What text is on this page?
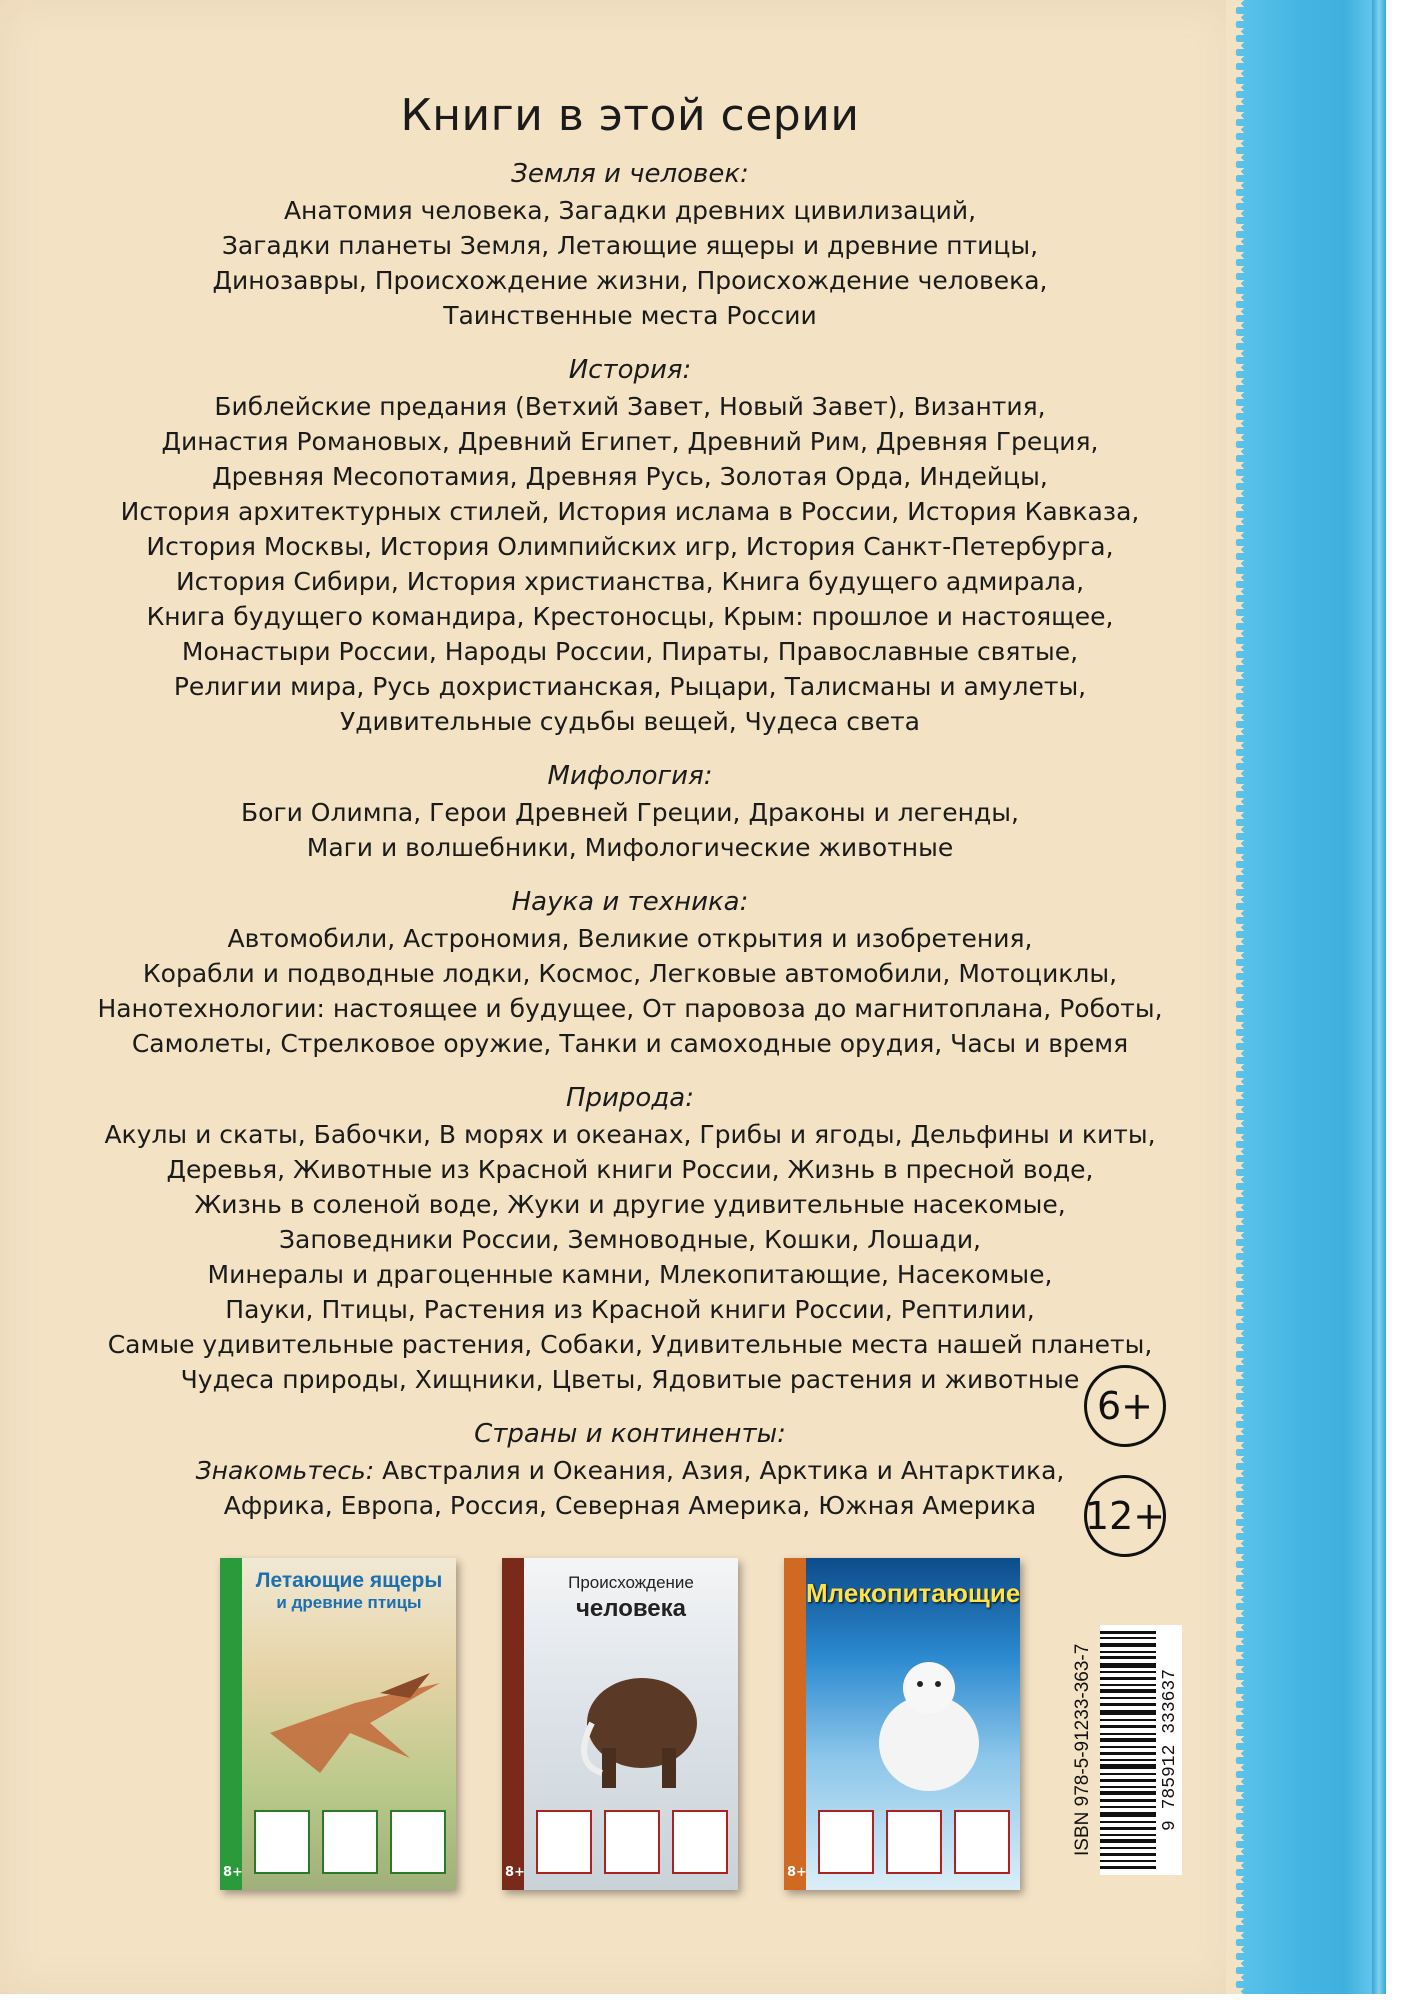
Книги в этой серии
Земля и человек:
Анатомия человека, Загадки древних цивилизаций,
Загадки планеты Земля, Летающие ящеры и древние птицы,
Динозавры, Происхождение жизни, Происхождение человека,
Таинственные места России
История:
Библейские предания (Ветхий Завет, Новый Завет), Византия,
Династия Романовых, Древний Египет, Древний Рим, Древняя Греция,
Древняя Месопотамия, Древняя Русь, Золотая Орда, Индейцы,
История архитектурных стилей, История ислама в России, История Кавказа,
История Москвы, История Олимпийских игр, История Санкт-Петербурга,
История Сибири, История христианства, Книга будущего адмирала,
Книга будущего командира, Крестоносцы, Крым: прошлое и настоящее,
Монастыри России, Народы России, Пираты, Православные святые,
Религии мира, Русь дохристианская, Рыцари, Талисманы и амулеты,
Удивительные судьбы вещей, Чудеса света
Мифология:
Боги Олимпа, Герои Древней Греции, Драконы и легенды,
Маги и волшебники, Мифологические животные
Наука и техника:
Автомобили, Астрономия, Великие открытия и изобретения,
Корабли и подводные лодки, Космос, Легковые автомобили, Мотоциклы,
Нанотехнологии: настоящее и будущее, От паровоза до магнитоплана, Роботы,
Самолеты, Стрелковое оружие, Танки и самоходные орудия, Часы и время
Природа:
Акулы и скаты, Бабочки, В морях и океанах, Грибы и ягоды, Дельфины и киты,
Деревья, Животные из Красной книги России, Жизнь в пресной воде,
Жизнь в соленой воде, Жуки и другие удивительные насекомые,
Заповедники России, Земноводные, Кошки, Лошади,
Минералы и драгоценные камни, Млекопитающие, Насекомые,
Пауки, Птицы, Растения из Красной книги России, Рептилии,
Самые удивительные растения, Собаки, Удивительные места нашей планеты,
Чудеса природы, Хищники, Цветы, Ядовитые растения и животные
Страны и континенты:
Знакомьтесь: Австралия и Океания, Азия, Арктика и Антарктика,
Африка, Европа, Россия, Северная Америка, Южная Америка
6+
12+
Летающие ящеры
и древние птицы
8+
Происхождение
человека
8+
Млекопитающие
8+
ISBN 978-5-91233-363-7	9 785912 333637
